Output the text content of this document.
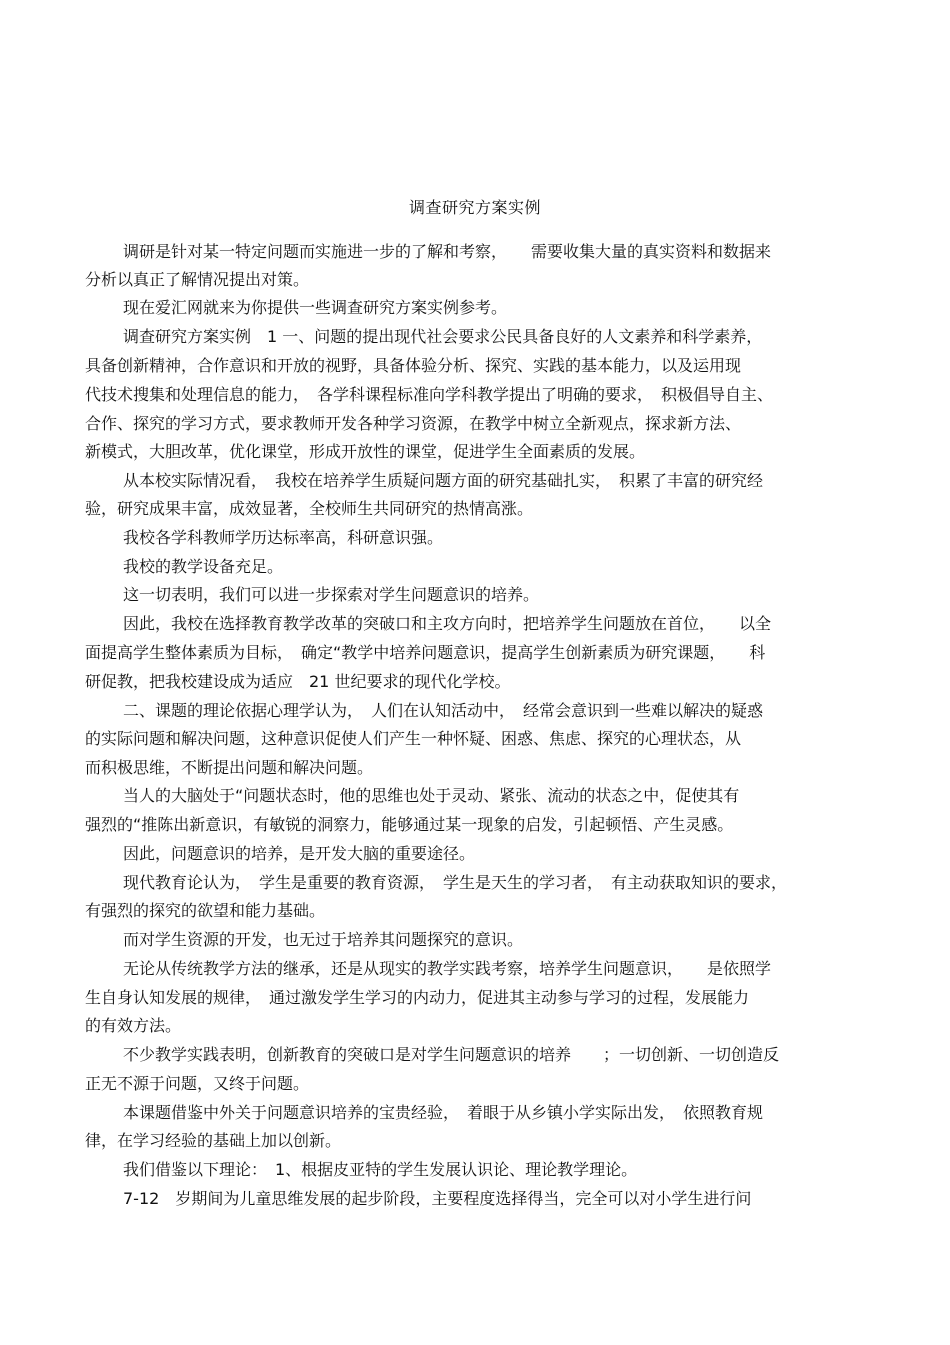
调查研究方案实例

调研是针对某一特定问题而实施进一步的了解和考察，　　需要收集大量的真实资料和数据来

分析以真正了解情况提出对策。

现在爱汇网就来为你提供一些调查研究方案实例参考。

调查研究方案实例　1 一、问题的提出现代社会要求公民具备良好的人文素养和科学素养，

具备创新精神，合作意识和开放的视野，具备体验分析、探究、实践的基本能力，以及运用现

代技术搜集和处理信息的能力，　各学科课程标准向学科教学提出了明确的要求，　积极倡导自主、

合作、探究的学习方式，要求教师开发各种学习资源，在教学中树立全新观点，探求新方法、

新模式，大胆改革，优化课堂，形成开放性的课堂，促进学生全面素质的发展。

从本校实际情况看，　我校在培养学生质疑问题方面的研究基础扎实，　积累了丰富的研究经

验，研究成果丰富，成效显著，全校师生共同研究的热情高涨。

我校各学科教师学历达标率高，科研意识强。

我校的教学设备充足。

这一切表明，我们可以进一步探索对学生问题意识的培养。

因此，我校在选择教育教学改革的突破口和主攻方向时，把培养学生问题放在首位，　　以全

面提高学生整体素质为目标，　确定“教学中培养问题意识，提高学生创新素质为研究课题，　　科

研促教，把我校建设成为适应　21 世纪要求的现代化学校。

二、课题的理论依据心理学认为，　人们在认知活动中，　经常会意识到一些难以解决的疑惑

的实际问题和解决问题，这种意识促使人们产生一种怀疑、困惑、焦虑、探究的心理状态，从

而积极思维，不断提出问题和解决问题。

当人的大脑处于“问题状态时，他的思维也处于灵动、紧张、流动的状态之中，促使其有

强烈的“推陈出新意识，有敏锐的洞察力，能够通过某一现象的启发，引起顿悟、产生灵感。

因此，问题意识的培养，是开发大脑的重要途径。

现代教育论认为，　学生是重要的教育资源，　学生是天生的学习者，　有主动获取知识的要求，

有强烈的探究的欲望和能力基础。

而对学生资源的开发，也无过于培养其问题探究的意识。

无论从传统教学方法的继承，还是从现实的教学实践考察，培养学生问题意识，　　是依照学

生自身认知发展的规律，　通过激发学生学习的内动力，促进其主动参与学习的过程，发展能力

的有效方法。

不少教学实践表明，创新教育的突破口是对学生问题意识的培养　　；一切创新、一切创造反

正无不源于问题，又终于问题。

本课题借鉴中外关于问题意识培养的宝贵经验，　着眼于从乡镇小学实际出发，　依照教育规

律，在学习经验的基础上加以创新。

我们借鉴以下理论：　1、根据皮亚特的学生发展认识论、理论教学理论。

7-12　岁期间为儿童思维发展的起步阶段，主要程度选择得当，完全可以对小学生进行问
